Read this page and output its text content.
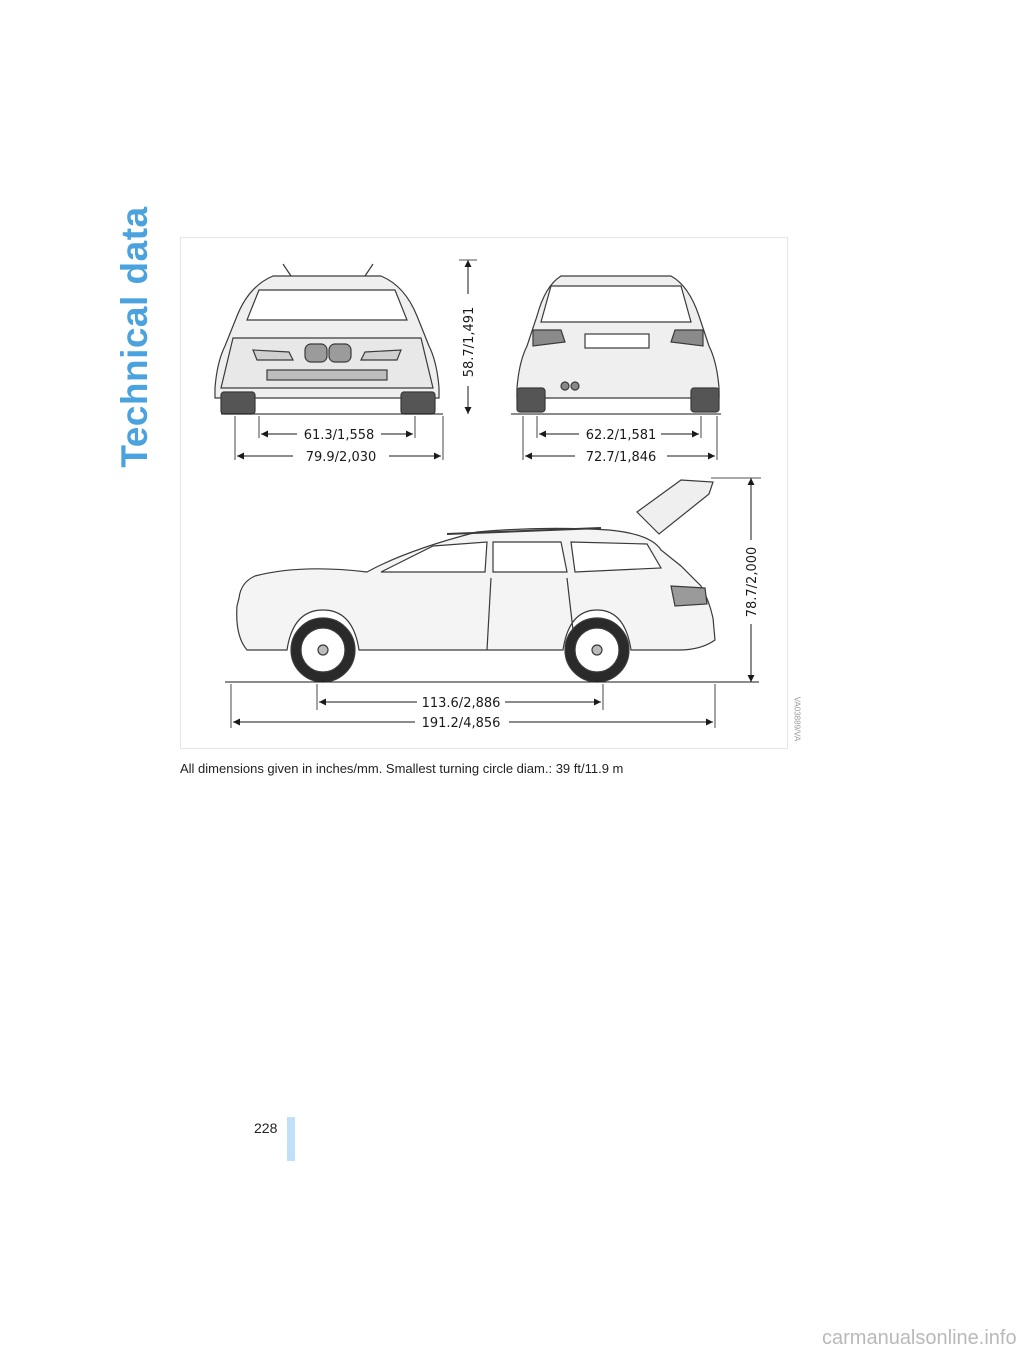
Technical data	58.7/1,491
61.3/1,558
79.9/2,030
62.2/1,581
72.7/1,846
78.7/2,000
113.6/2,886
191.2/4,856	VA03889/VA
All dimensions given in inches/mm. Smallest turning circle diam.: 39 ft/11.9 m
228
carmanualsonline.info
